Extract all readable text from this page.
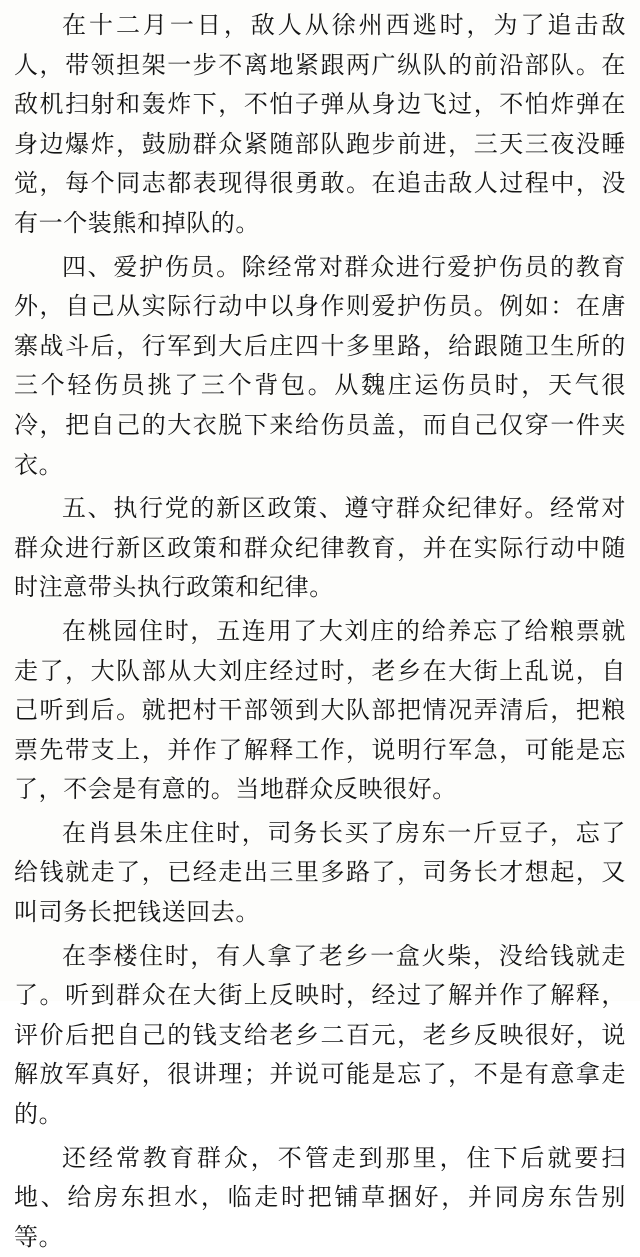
在十二月一日，敌人从徐州西逃时，为了追击敌人，带领担架一步不离地紧跟两广纵队的前沿部队。在敌机扫射和轰炸下，不怕子弹从身边飞过，不怕炸弹在身边爆炸，鼓励群众紧随部队跑步前进，三天三夜没睡觉，每个同志都表现得很勇敢。在追击敌人过程中，没有一个装熊和掉队的。

四、爱护伤员。除经常对群众进行爱护伤员的教育外，自己从实际行动中以身作则爱护伤员。例如：在唐寨战斗后，行军到大后庄四十多里路，给跟随卫生所的三个轻伤员挑了三个背包。从魏庄运伤员时，天气很冷，把自己的大衣脱下来给伤员盖，而自己仅穿一件夹衣。

五、执行党的新区政策、遵守群众纪律好。经常对群众进行新区政策和群众纪律教育，并在实际行动中随时注意带头执行政策和纪律。

在桃园住时，五连用了大刘庄的给养忘了给粮票就走了，大队部从大刘庄经过时，老乡在大街上乱说，自己听到后。就把村干部领到大队部把情况弄清后，把粮票先带支上，并作了解释工作，说明行军急，可能是忘了，不会是有意的。当地群众反映很好。

在肖县朱庄住时，司务长买了房东一斤豆子，忘了给钱就走了，已经走出三里多路了，司务长才想起，又叫司务长把钱送回去。

在李楼住时，有人拿了老乡一盒火柴，没给钱就走了。听到群众在大街上反映时，经过了解并作了解释，评价后把自己的钱支给老乡二百元，老乡反映很好，说解放军真好，很讲理；并说可能是忘了，不是有意拿走的。

还经常教育群众，不管走到那里，住下后就要扫地、给房东担水，临走时把铺草捆好，并同房东告别等。
